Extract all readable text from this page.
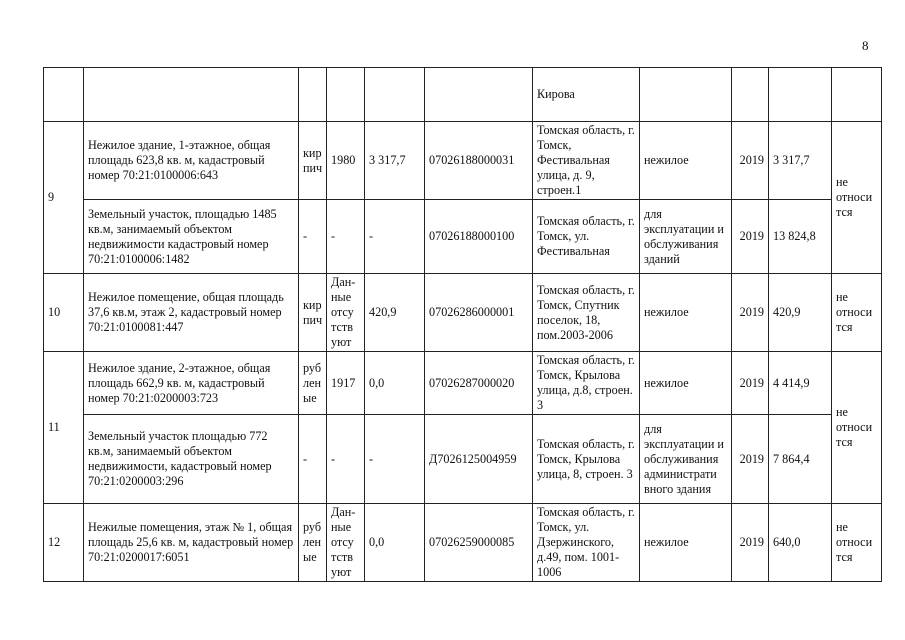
8
						Кирова				
9	Нежилое здание, 1-этажное, общая площадь 623,8 кв. м, кадастровый номер 70:21:0100006:643	кир пич	1980	3 317,7	07026188000031	Томская область, г. Томск, Фестивальная улица, д. 9, строен.1	нежилое	2019	3 317,7	не относи тся
	Земельный участок, площадью 1485 кв.м, занимаемый объектом недвижимости кадастровый номер 70:21:0100006:1482	-	-	-	07026188000100	Томская область, г. Томск, ул. Фестивальная	для эксплуатации и обслуживания зданий	2019	13 824,8	
10	Нежилое помещение, общая площадь 37,6 кв.м, этаж 2, кадастровый номер 70:21:0100081:447	кир пич	Дан- ные отсу тств уют	420,9	07026286000001	Томская область, г. Томск, Спутник поселок, 18, пом.2003-2006	нежилое	2019	420,9	не относи тся
11	Нежилое здание, 2-этажное, общая площадь 662,9 кв. м, кадастровый номер 70:21:0200003:723	руб лен ые	1917	0,0	07026287000020	Томская область, г. Томск, Крылова улица, д.8, строен. 3	нежилое	2019	4 414,9	не относи тся
	Земельный участок площадью 772 кв.м, занимаемый объектом недвижимости, кадастровый номер 70:21:0200003:296	-	-	-	Д7026125004959	Томская область, г. Томск, Крылова улица, 8, строен. 3	для эксплуатации и обслуживания администрати вного здания	2019	7 864,4	
12	Нежилые помещения, этаж № 1, общая площадь 25,6 кв. м, кадастровый номер 70:21:0200017:6051	руб лен ые	Дан- ные отсу тств уют	0,0	07026259000085	Томская область, г. Томск, ул. Дзержинского, д.49, пом. 1001-1006	нежилое	2019	640,0	не относи тся
